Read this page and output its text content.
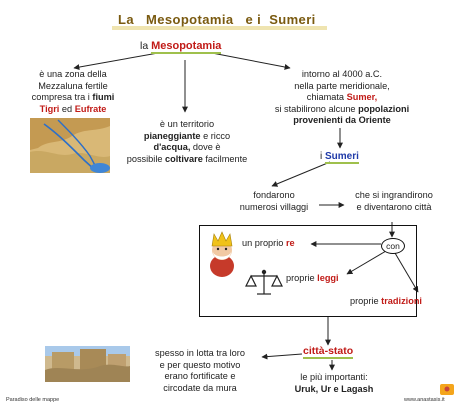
La   Mesopotamia   e i  Sumeri
la Mesopotamia
è una zona della
Mezzaluna fertile
compresa tra i fiumi
Tigri ed Eufrate
è un territorio
pianeggiante e ricco
d'acqua, dove è
possibile coltivare facilmente
intorno al 4000 a.C.
nella parte meridionale,
chiamata Sumer,
si stabilirono alcune popolazioni
provenienti da Oriente
i Sumeri
fondarono
numerosi villaggi
che si ingrandirono
e diventarono città
con
un proprio re
proprie leggi
proprie tradizioni
città-stato
spesso in lotta tra loro
e per questo motivo
erano fortificate e
circodate da mura
le più importanti:
Uruk, Ur e Lagash
Paradiso delle mappe	www.anastasis.it
